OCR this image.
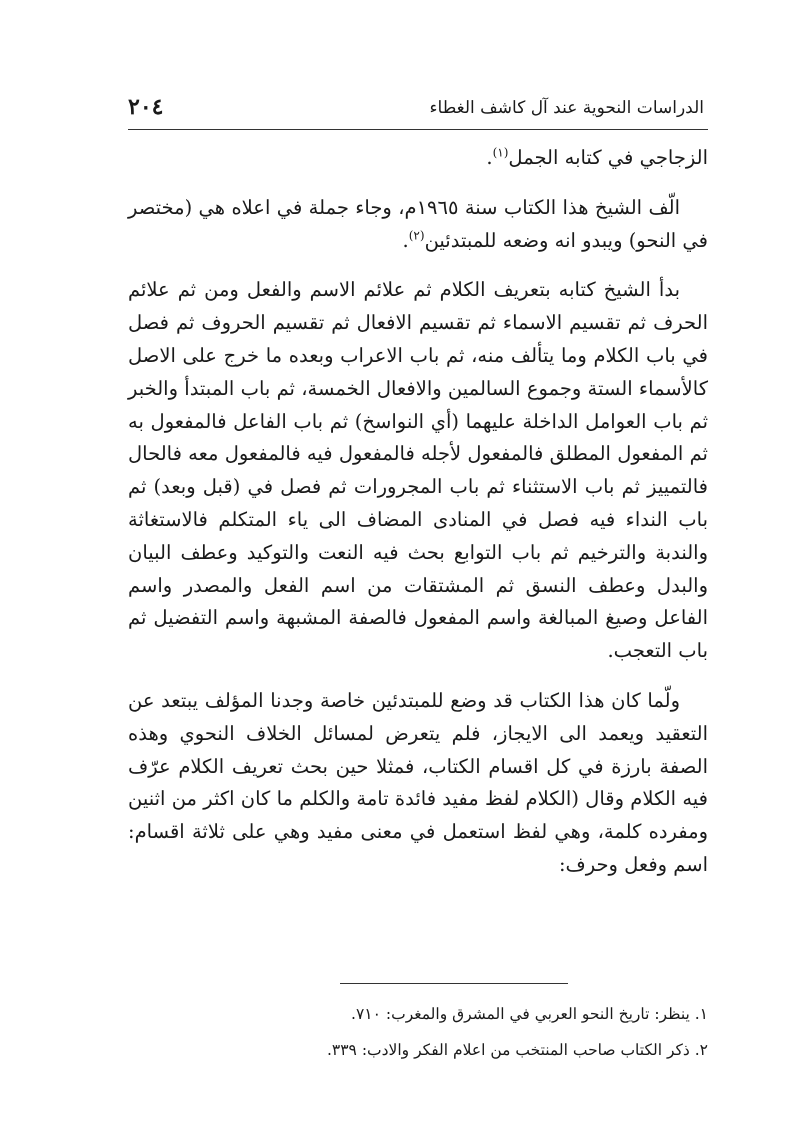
الدراسات النحوية عند آل كاشف الغطاء
٢٠٤

الزجاجي في كتابه الجمل$^{(١)}$.

الّف الشيخ هذا الكتاب سنة ١٩٦٥م، وجاء جملة في اعلاه هي (مختصر في النحو) ويبدو انه وضعه للمبتدئين$^{(٢)}$.

بدأ الشيخ كتابه بتعريف الكلام ثم علائم الاسم والفعل ومن ثم علائم الحرف ثم تقسيم الاسماء ثم تقسيم الافعال ثم تقسيم الحروف ثم فصل في باب الكلام وما يتألف منه، ثم باب الاعراب وبعده ما خرج على الاصل كالأسماء الستة وجموع السالمين والافعال الخمسة، ثم باب المبتدأ والخبر ثم باب العوامل الداخلة عليهما (أي النواسخ) ثم باب الفاعل فالمفعول به ثم المفعول المطلق فالمفعول لأجله فالمفعول فيه فالمفعول معه فالحال فالتمييز ثم باب الاستثناء ثم باب المجرورات ثم فصل في (قبل وبعد) ثم باب النداء فيه فصل في المنادى المضاف الى ياء المتكلم فالاستغاثة والندبة والترخيم ثم باب التوابع بحث فيه النعت والتوكيد وعطف البيان والبدل وعطف النسق ثم المشتقات من اسم الفعل والمصدر واسم الفاعل وصيغ المبالغة واسم المفعول فالصفة المشبهة واسم التفضيل ثم باب التعجب.

ولّما كان هذا الكتاب قد وضع للمبتدئين خاصة وجدنا المؤلف يبتعد عن التعقيد ويعمد الى الايجاز، فلم يتعرض لمسائل الخلاف النحوي وهذه الصفة بارزة في كل اقسام الكتاب، فمثلا حين بحث تعريف الكلام عرّف فيه الكلام وقال (الكلام لفظ مفيد فائدة تامة والكلم ما كان اكثر من اثنين ومفرده كلمة، وهي لفظ استعمل في معنى مفيد وهي على ثلاثة اقسام: اسم وفعل وحرف:

١. ينظر: تاريخ النحو العربي في المشرق والمغرب: ٧١٠.
٢. ذكر الكتاب صاحب المنتخب من اعلام الفكر والادب: ٣٣٩.
